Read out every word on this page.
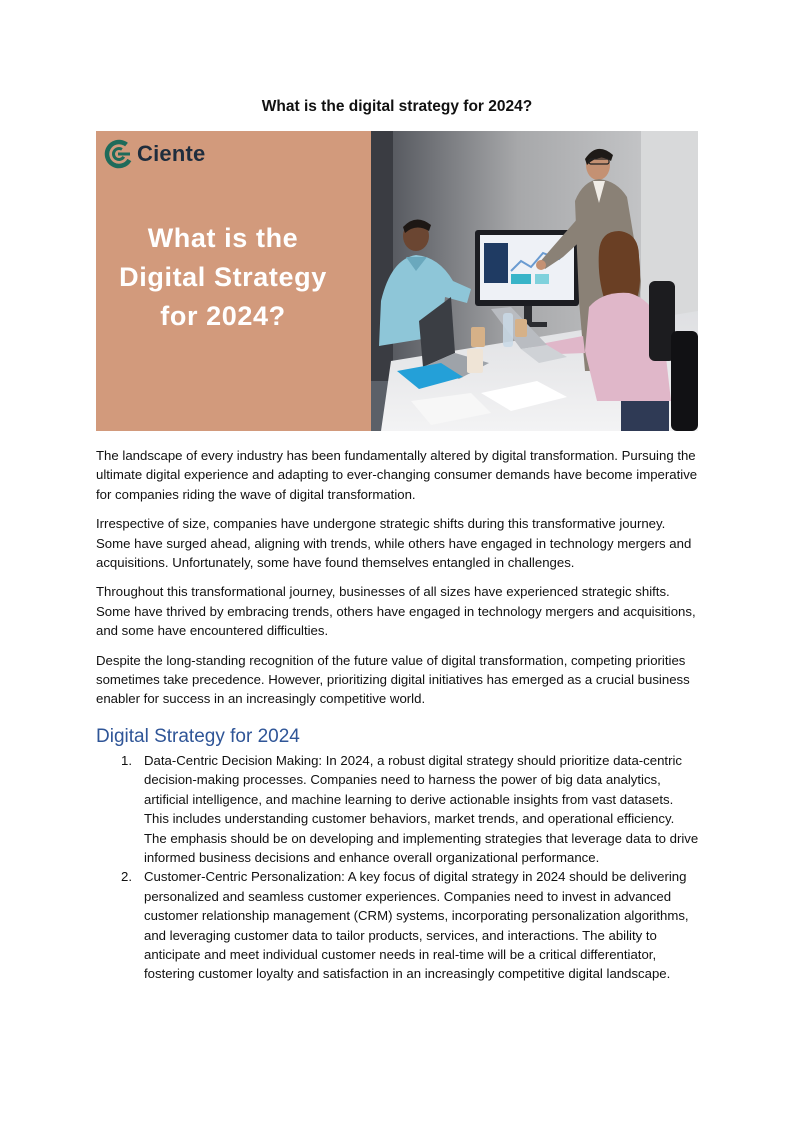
What is the digital strategy for 2024?
Ciente
What is the
Digital Strategy
for 2024?

The landscape of every industry has been fundamentally altered by digital transformation. Pursuing the ultimate digital experience and adapting to ever-changing consumer demands have become imperative for companies riding the wave of digital transformation.

Irrespective of size, companies have undergone strategic shifts during this transformative journey. Some have surged ahead, aligning with trends, while others have engaged in technology mergers and acquisitions. Unfortunately, some have found themselves entangled in challenges.

Throughout this transformational journey, businesses of all sizes have experienced strategic shifts. Some have thrived by embracing trends, others have engaged in technology mergers and acquisitions, and some have encountered difficulties.

Despite the long-standing recognition of the future value of digital transformation, competing priorities sometimes take precedence. However, prioritizing digital initiatives has emerged as a crucial business enabler for success in an increasingly competitive world.

Digital Strategy for 2024
1. Data-Centric Decision Making: In 2024, a robust digital strategy should prioritize data-centric decision-making processes. Companies need to harness the power of big data analytics, artificial intelligence, and machine learning to derive actionable insights from vast datasets. This includes understanding customer behaviors, market trends, and operational efficiency. The emphasis should be on developing and implementing strategies that leverage data to drive informed business decisions and enhance overall organizational performance.
2. Customer-Centric Personalization: A key focus of digital strategy in 2024 should be delivering personalized and seamless customer experiences. Companies need to invest in advanced customer relationship management (CRM) systems, incorporating personalization algorithms, and leveraging customer data to tailor products, services, and interactions. The ability to anticipate and meet individual customer needs in real-time will be a critical differentiator, fostering customer loyalty and satisfaction in an increasingly competitive digital landscape.
